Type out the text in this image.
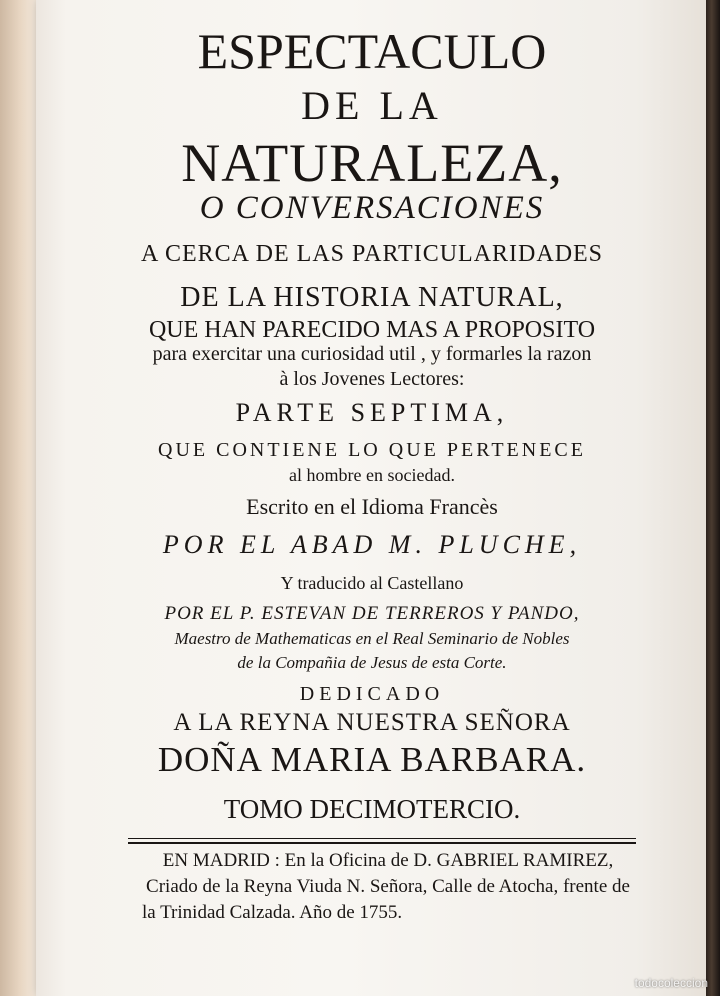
ESPECTACULO

DE LA

NATURALEZA,

O CONVERSACIONES

A CERCA DE LAS PARTICULARIDADES

DE LA HISTORIA NATURAL,

QUE HAN PARECIDO MAS A PROPOSITO

para exercitar una curiosidad util , y formarles la razon

à los Jovenes Lectores:

PARTE SEPTIMA,

QUE CONTIENE LO QUE PERTENECE

al hombre en sociedad.

Escrito en el Idioma Francès

POR EL ABAD M. PLUCHE,

Y traducido al Castellano

POR EL P. ESTEVAN DE TERREROS Y PANDO,

Maestro de Mathematicas en el Real Seminario de Nobles

de la Compañia de Jesus de esta Corte.

DEDICADO

A LA REYNA NUESTRA SEÑORA

DOÑA MARIA BARBARA.

TOMO DECIMOTERCIO.

EN MADRID : En la Oficina de D. GABRIEL RAMIREZ,
Criado de la Reyna Viuda N. Señora, Calle de Atocha, frente de
la Trinidad Calzada. Año de 1755.

todocoleccion
